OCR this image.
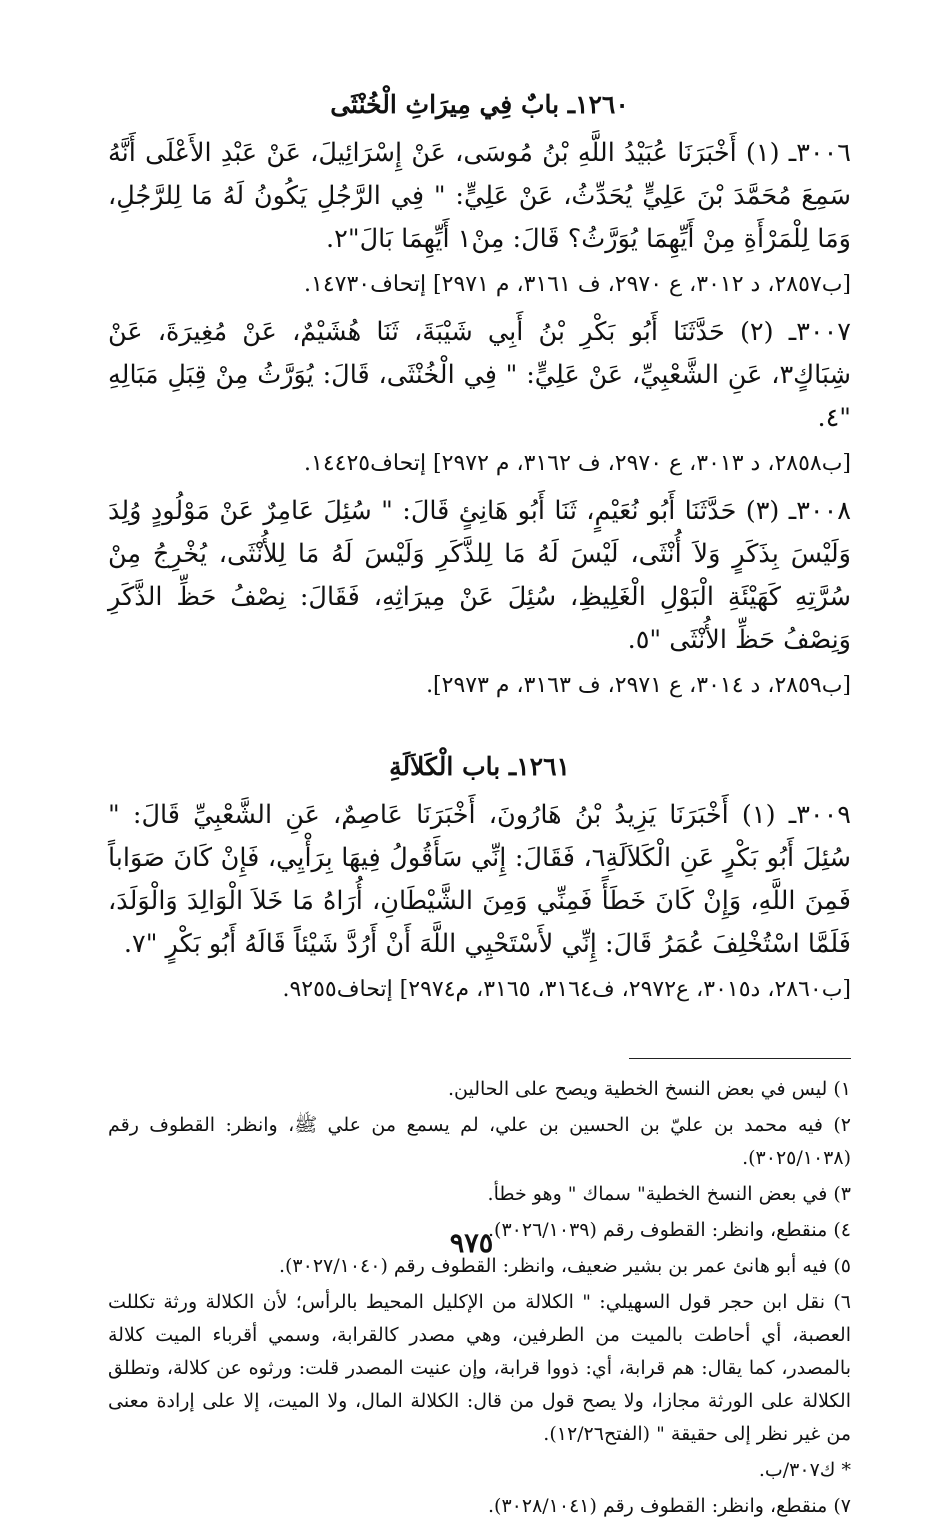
١٢٦٠ـ بابٌ فِي مِيرَاثِ الْخُنْثَى

٣٠٠٦ـ (١) أَخْبَرَنَا عُبَيْدُ اللَّهِ بْنُ مُوسَى، عَنْ إِسْرَائِيلَ، عَنْ عَبْدِ الأَعْلَى أَنَّهُ سَمِعَ مُحَمَّدَ بْنَ عَلِيٍّ يُحَدِّثُ، عَنْ عَلِيٍّ: " فِي الرَّجُلِ يَكُونُ لَهُ مَا لِلرَّجُلِ، وَمَا لِلْمَرْأَةِ مِنْ أَيِّهِمَا يُوَرَّثُ؟ قَالَ: مِنْ١ أَيِّهِمَا بَالَ"٢.

[ب٢٨٥٧، د ٣٠١٢، ع ٢٩٧٠، ف ٣١٦١، م ٢٩٧١] إتحاف١٤٧٣٠.

٣٠٠٧ـ (٢) حَدَّثَنَا أَبُو بَكْرِ بْنُ أَبِي شَيْبَةَ، ثَنَا هُشَيْمٌ، عَنْ مُغِيرَةَ، عَنْ شِبَاكٍ٣، عَنِ الشَّعْبِيِّ، عَنْ عَلِيٍّ: " فِي الْخُنْثَى، قَالَ: يُوَرَّثُ مِنْ قِبَلِ مَبَالِهِ "٤.

[ب٢٨٥٨، د ٣٠١٣، ع ٢٩٧٠، ف ٣١٦٢، م ٢٩٧٢] إتحاف١٤٤٢٥.

٣٠٠٨ـ (٣) حَدَّثَنَا أَبُو نُعَيْمٍ، ثَنَا أَبُو هَانِئٍ قَالَ: " سُئِلَ عَامِرٌ عَنْ مَوْلُودٍ وُلِدَ وَلَيْسَ بِذَكَرٍ وَلاَ أُنْثَى، لَيْسَ لَهُ مَا لِلذَّكَرِ وَلَيْسَ لَهُ مَا لِلأُنْثَى، يُخْرِجُ مِنْ سُرَّتِهِ كَهَيْئَةِ الْبَوْلِ الْغَلِيظِ، سُئِلَ عَنْ مِيرَاثِهِ، فَقَالَ: نِصْفُ حَظِّ الذَّكَرِ وَنِصْفُ حَظِّ الأُنْثَى "٥.

[ب٢٨٥٩، د ٣٠١٤، ع ٢٩٧١، ف ٣١٦٣، م ٢٩٧٣].
١٢٦١ـ باب الْكَلاَلَةِ

٣٠٠٩ـ (١) أَخْبَرَنَا يَزِيدُ بْنُ هَارُونَ، أَخْبَرَنَا عَاصِمٌ، عَنِ الشَّعْبِيِّ قَالَ: " سُئِلَ أَبُو بَكْرٍ عَنِ الْكَلاَلَةِ٦، فَقَالَ: إِنِّي سَأَقُولُ فِيهَا بِرَأْيِي، فَإِنْ كَانَ صَوَاباً فَمِنَ اللَّهِ، وَإِنْ كَانَ خَطَأً فَمِنِّي وَمِنَ الشَّيْطَانِ، أُرَاهُ مَا خَلاَ الْوَالِدَ وَالْوَلَدَ، فَلَمَّا اسْتُخْلِفَ عُمَرُ قَالَ: إِنِّي لأَسْتَحْيِي اللَّهَ أَنْ أَرُدَّ شَيْئاً قَالَهُ أَبُو بَكْرٍ "٧.

[ب٢٨٦٠، د٣٠١٥، ع٢٩٧٢، ف٣١٦٤، ٣١٦٥، م٢٩٧٤] إتحاف٩٢٥٥.

١) ليس في بعض النسخ الخطية ويصح على الحالين.

٢) فيه محمد بن عليّ بن الحسين بن علي، لم يسمع من علي ﷺ، وانظر: القطوف رقم (٣٠٢٥/١٠٣٨).

٣) في بعض النسخ الخطية" سماك " وهو خطأ.

٤) منقطع، وانظر: القطوف رقم (٣٠٢٦/١٠٣٩).

٥) فيه أبو هانئ عمر بن بشير ضعيف، وانظر: القطوف رقم (٣٠٢٧/١٠٤٠).

٦) نقل ابن حجر قول السهيلي: " الكلالة من الإكليل المحيط بالرأس؛ لأن الكلالة ورثة تكللت العصبة، أي أحاطت بالميت من الطرفين، وهي مصدر كالقرابة، وسمي أقرباء الميت كلالة بالمصدر، كما يقال: هم قرابة، أي: ذووا قرابة، وإن عنيت المصدر قلت: ورثوه عن كلالة، وتطلق الكلالة على الورثة مجازا، ولا يصح قول من قال: الكلالة المال، ولا الميت، إلا على إرادة معنى من غير نظر إلى حقيقة " (الفتح١٢/٢٦).

* ك٣٠٧/ب.

٧) منقطع، وانظر: القطوف رقم (٣٠٢٨/١٠٤١).

٩٧٥
